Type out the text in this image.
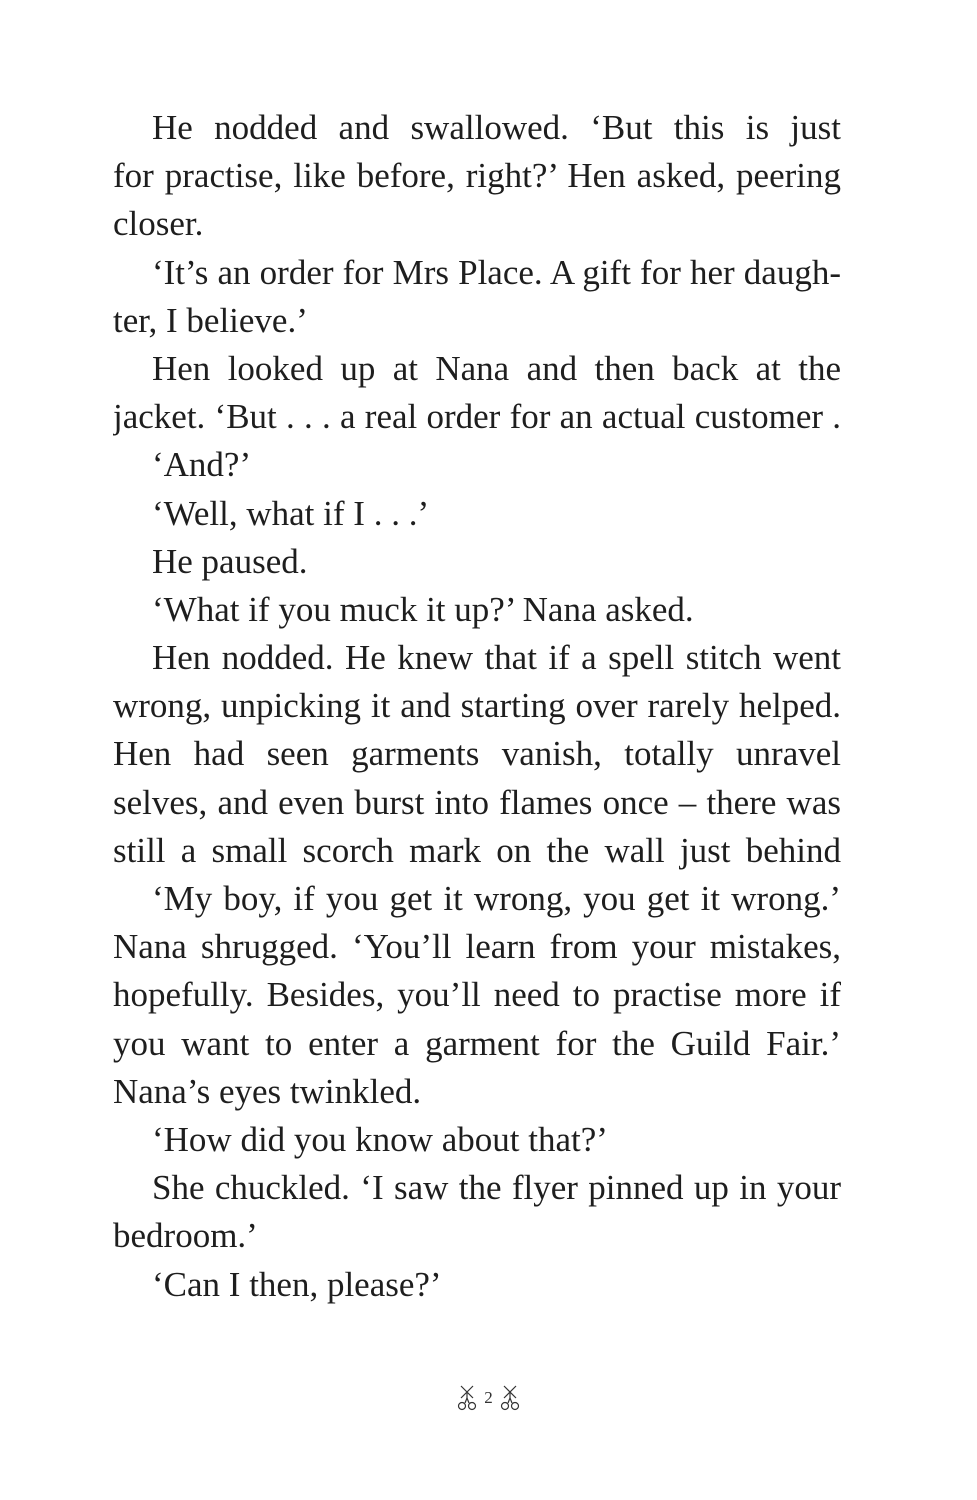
He nodded and swallowed. ‘But this is just
for practise, like before, right?’ Hen asked, peering
closer.
‘It’s an order for Mrs Place. A gift for her daugh-
ter, I believe.’
Hen looked up at Nana and then back at the
jacket. ‘But . . . a real order for an actual customer .
‘And?’
‘Well, what if I . . .’
He paused.
‘What if you muck it up?’ Nana asked.
Hen nodded. He knew that if a spell stitch went
wrong, unpicking it and starting over rarely helped.
Hen had seen garments vanish, totally unravel
selves, and even burst into flames once – there was
still a small scorch mark on the wall just behind
‘My boy, if you get it wrong, you get it wrong.’
Nana shrugged. ‘You’ll learn from your mistakes,
hopefully. Besides, you’ll need to practise more if
you want to enter a garment for the Guild Fair.’
Nana’s eyes twinkled.
‘How did you know about that?’
She chuckled. ‘I saw the flyer pinned up in your
bedroom.’
‘Can I then, please?’
2
